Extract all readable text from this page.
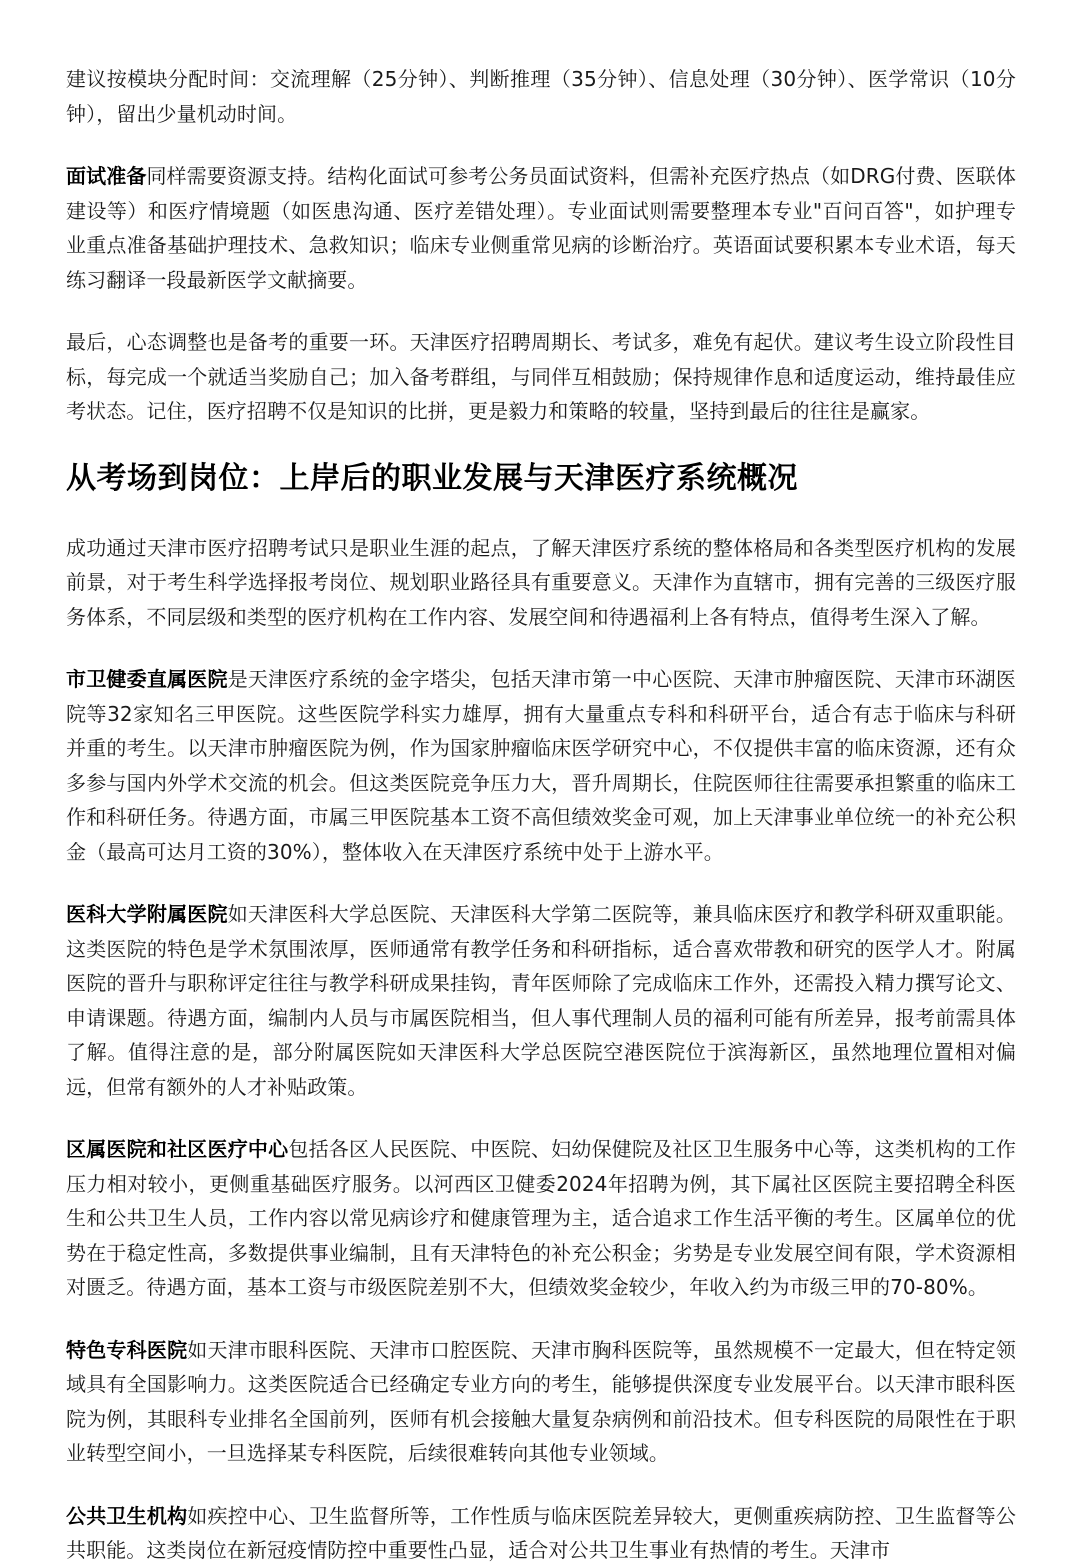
建议按模块分配时间：交流理解（25分钟）、判断推理（35分钟）、信息处理（30分钟）、医学常识（10分钟），留出少量机动时间。

面试准备同样需要资源支持。结构化面试可参考公务员面试资料，但需补充医疗热点（如DRG付费、医联体建设等）和医疗情境题（如医患沟通、医疗差错处理）。专业面试则需要整理本专业"百问百答"，如护理专业重点准备基础护理技术、急救知识；临床专业侧重常见病的诊断治疗。英语面试要积累本专业术语，每天练习翻译一段最新医学文献摘要。

最后，心态调整也是备考的重要一环。天津医疗招聘周期长、考试多，难免有起伏。建议考生设立阶段性目标，每完成一个就适当奖励自己；加入备考群组，与同伴互相鼓励；保持规律作息和适度运动，维持最佳应考状态。记住，医疗招聘不仅是知识的比拼，更是毅力和策略的较量，坚持到最后的往往是赢家。

从考场到岗位：上岸后的职业发展与天津医疗系统概况

成功通过天津市医疗招聘考试只是职业生涯的起点，了解天津医疗系统的整体格局和各类型医疗机构的发展前景，对于考生科学选择报考岗位、规划职业路径具有重要意义。天津作为直辖市，拥有完善的三级医疗服务体系，不同层级和类型的医疗机构在工作内容、发展空间和待遇福利上各有特点，值得考生深入了解。

市卫健委直属医院是天津医疗系统的金字塔尖，包括天津市第一中心医院、天津市肿瘤医院、天津市环湖医院等32家知名三甲医院。这些医院学科实力雄厚，拥有大量重点专科和科研平台，适合有志于临床与科研并重的考生。以天津市肿瘤医院为例，作为国家肿瘤临床医学研究中心，不仅提供丰富的临床资源，还有众多参与国内外学术交流的机会。但这类医院竞争压力大，晋升周期长，住院医师往往需要承担繁重的临床工作和科研任务。待遇方面，市属三甲医院基本工资不高但绩效奖金可观，加上天津事业单位统一的补充公积金（最高可达月工资的30%），整体收入在天津医疗系统中处于上游水平。

医科大学附属医院如天津医科大学总医院、天津医科大学第二医院等，兼具临床医疗和教学科研双重职能。这类医院的特色是学术氛围浓厚，医师通常有教学任务和科研指标，适合喜欢带教和研究的医学人才。附属医院的晋升与职称评定往往与教学科研成果挂钩，青年医师除了完成临床工作外，还需投入精力撰写论文、申请课题。待遇方面，编制内人员与市属医院相当，但人事代理制人员的福利可能有所差异，报考前需具体了解。值得注意的是，部分附属医院如天津医科大学总医院空港医院位于滨海新区，虽然地理位置相对偏远，但常有额外的人才补贴政策。

区属医院和社区医疗中心包括各区人民医院、中医院、妇幼保健院及社区卫生服务中心等，这类机构的工作压力相对较小，更侧重基础医疗服务。以河西区卫健委2024年招聘为例，其下属社区医院主要招聘全科医生和公共卫生人员，工作内容以常见病诊疗和健康管理为主，适合追求工作生活平衡的考生。区属单位的优势在于稳定性高，多数提供事业编制，且有天津特色的补充公积金；劣势是专业发展空间有限，学术资源相对匮乏。待遇方面，基本工资与市级医院差别不大，但绩效奖金较少，年收入约为市级三甲的70-80%。

特色专科医院如天津市眼科医院、天津市口腔医院、天津市胸科医院等，虽然规模不一定最大，但在特定领域具有全国影响力。这类医院适合已经确定专业方向的考生，能够提供深度专业发展平台。以天津市眼科医院为例，其眼科专业排名全国前列，医师有机会接触大量复杂病例和前沿技术。但专科医院的局限性在于职业转型空间小，一旦选择某专科医院，后续很难转向其他专业领域。

公共卫生机构如疾控中心、卫生监督所等，工作性质与临床医院差异较大，更侧重疾病防控、卫生监督等公共职能。这类岗位在新冠疫情防控中重要性凸显，适合对公共卫生事业有热情的考生。天津市
